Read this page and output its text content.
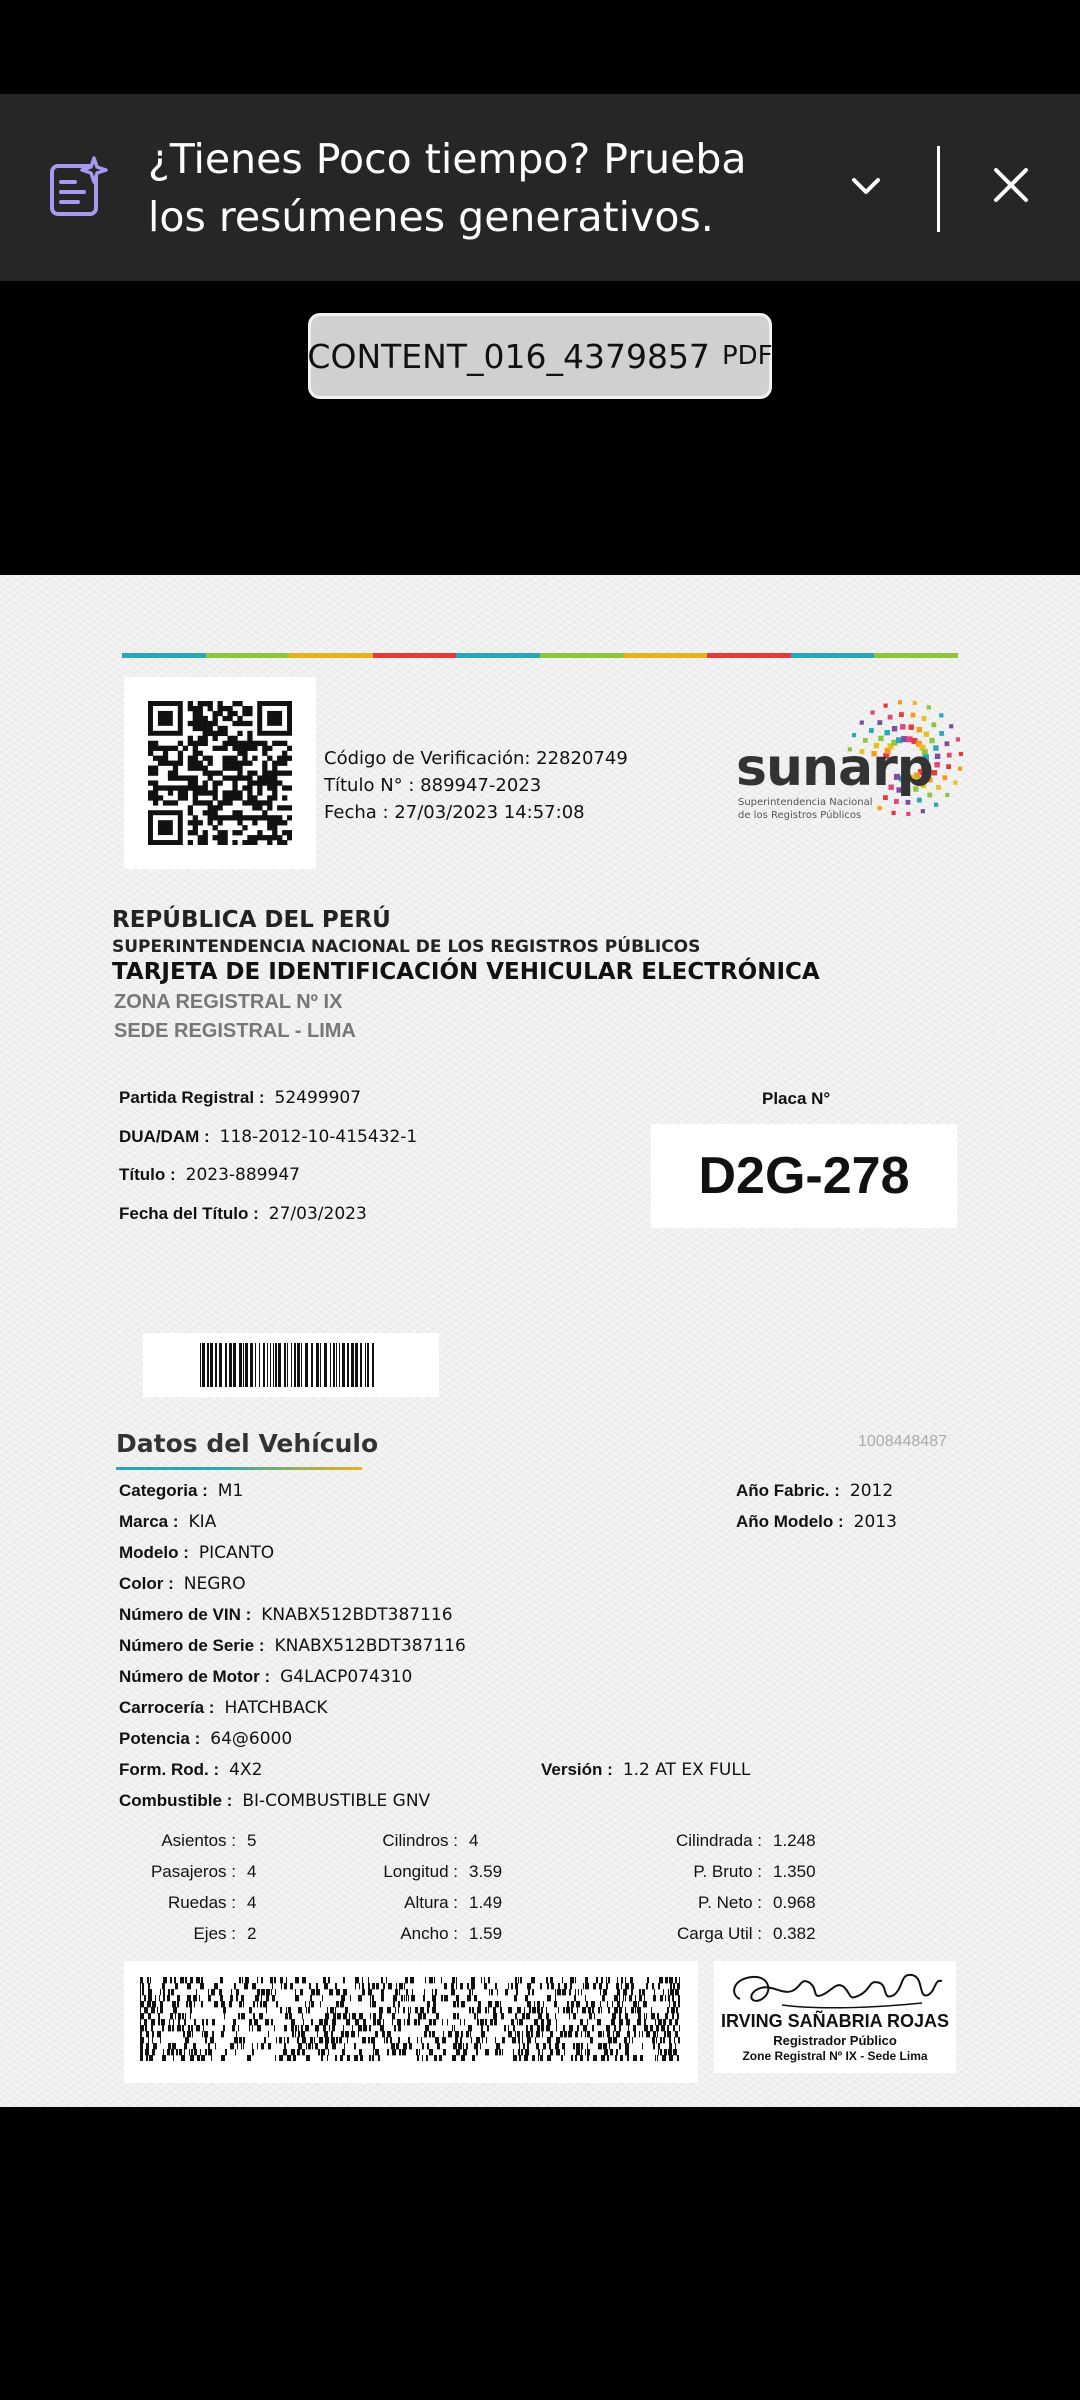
¿Tienes Poco tiempo? Prueba los resúmenes generativos.
CONTENT_016_4379857 PDF
Código de Verificación: 22820749
Título N° : 889947-2023
Fecha : 27/03/2023 14:57:08
sunarp
Superintendencia Nacional
de los Registros Públicos
REPÚBLICA DEL PERÚ
SUPERINTENDENCIA NACIONAL DE LOS REGISTROS PÚBLICOS
TARJETA DE IDENTIFICACIÓN VEHICULAR ELECTRÓNICA
ZONA REGISTRAL Nº IX
SEDE REGISTRAL - LIMA
Partida Registral : 52499907
DUA/DAM : 118-2012-10-415432-1
Título : 2023-889947
Fecha del Título : 27/03/2023
Placa N°
D2G-278
Datos del Vehículo	1008448487
Categoria : M1
Marca : KIA
Modelo : PICANTO
Color : NEGRO
Número de VIN : KNABX512BDT387116
Número de Serie : KNABX512BDT387116
Número de Motor : G4LACP074310
Carrocería : HATCHBACK
Potencia : 64@6000
Form. Rod. : 4X2	Versión : 1.2 AT EX FULL
Combustible : BI-COMBUSTIBLE GNV
Año Fabric. : 2012
Año Modelo : 2013
Asientos : 5
Pasajeros : 4
Ruedas : 4
Ejes : 2
Cilindros : 4
Longitud : 3.59
Altura : 1.49
Ancho : 1.59
Cilindrada : 1.248
P. Bruto : 1.350
P. Neto : 0.968
Carga Util : 0.382
IRVING SAÑABRIA ROJAS
Registrador Público
Zone Registral Nº IX - Sede Lima
